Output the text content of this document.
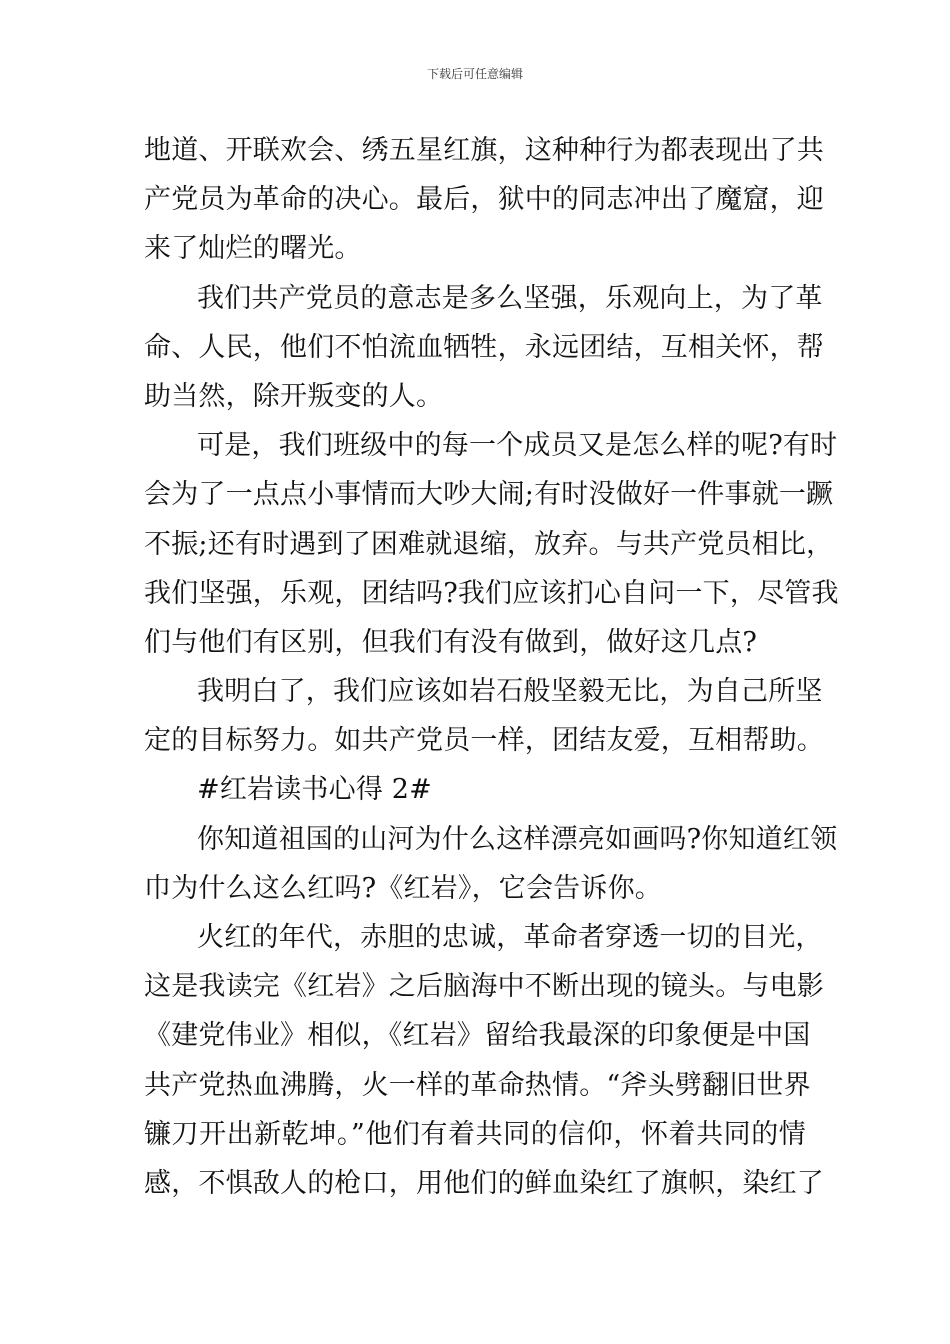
下载后可任意编辑
地道、开联欢会、绣五星红旗，这种种行为都表现出了共
产党员为革命的决心。最后，狱中的同志冲出了魔窟，迎
来了灿烂的曙光。
我们共产党员的意志是多么坚强，乐观向上，为了革
命、人民，他们不怕流血牺牲，永远团结，互相关怀，帮
助当然，除开叛变的人。
可是，我们班级中的每一个成员又是怎么样的呢?有时
会为了一点点小事情而大吵大闹;有时没做好一件事就一蹶
不振;还有时遇到了困难就退缩，放弃。与共产党员相比，
我们坚强，乐观，团结吗?我们应该扪心自问一下，尽管我
们与他们有区别，但我们有没有做到，做好这几点?
我明白了，我们应该如岩石般坚毅无比，为自己所坚
定的目标努力。如共产党员一样，团结友爱，互相帮助。
#红岩读书心得 2#
你知道祖国的山河为什么这样漂亮如画吗?你知道红领
巾为什么这么红吗?《红岩》，它会告诉你。
火红的年代，赤胆的忠诚，革命者穿透一切的目光，
这是我读完《红岩》之后脑海中不断出现的镜头。与电影
《建党伟业》相似，《红岩》留给我最深的印象便是中国
共产党热血沸腾，火一样的革命热情。“斧头劈翻旧世界
镰刀开出新乾坤。”他们有着共同的信仰，怀着共同的情
感，不惧敌人的枪口，用他们的鲜血染红了旗帜，染红了
